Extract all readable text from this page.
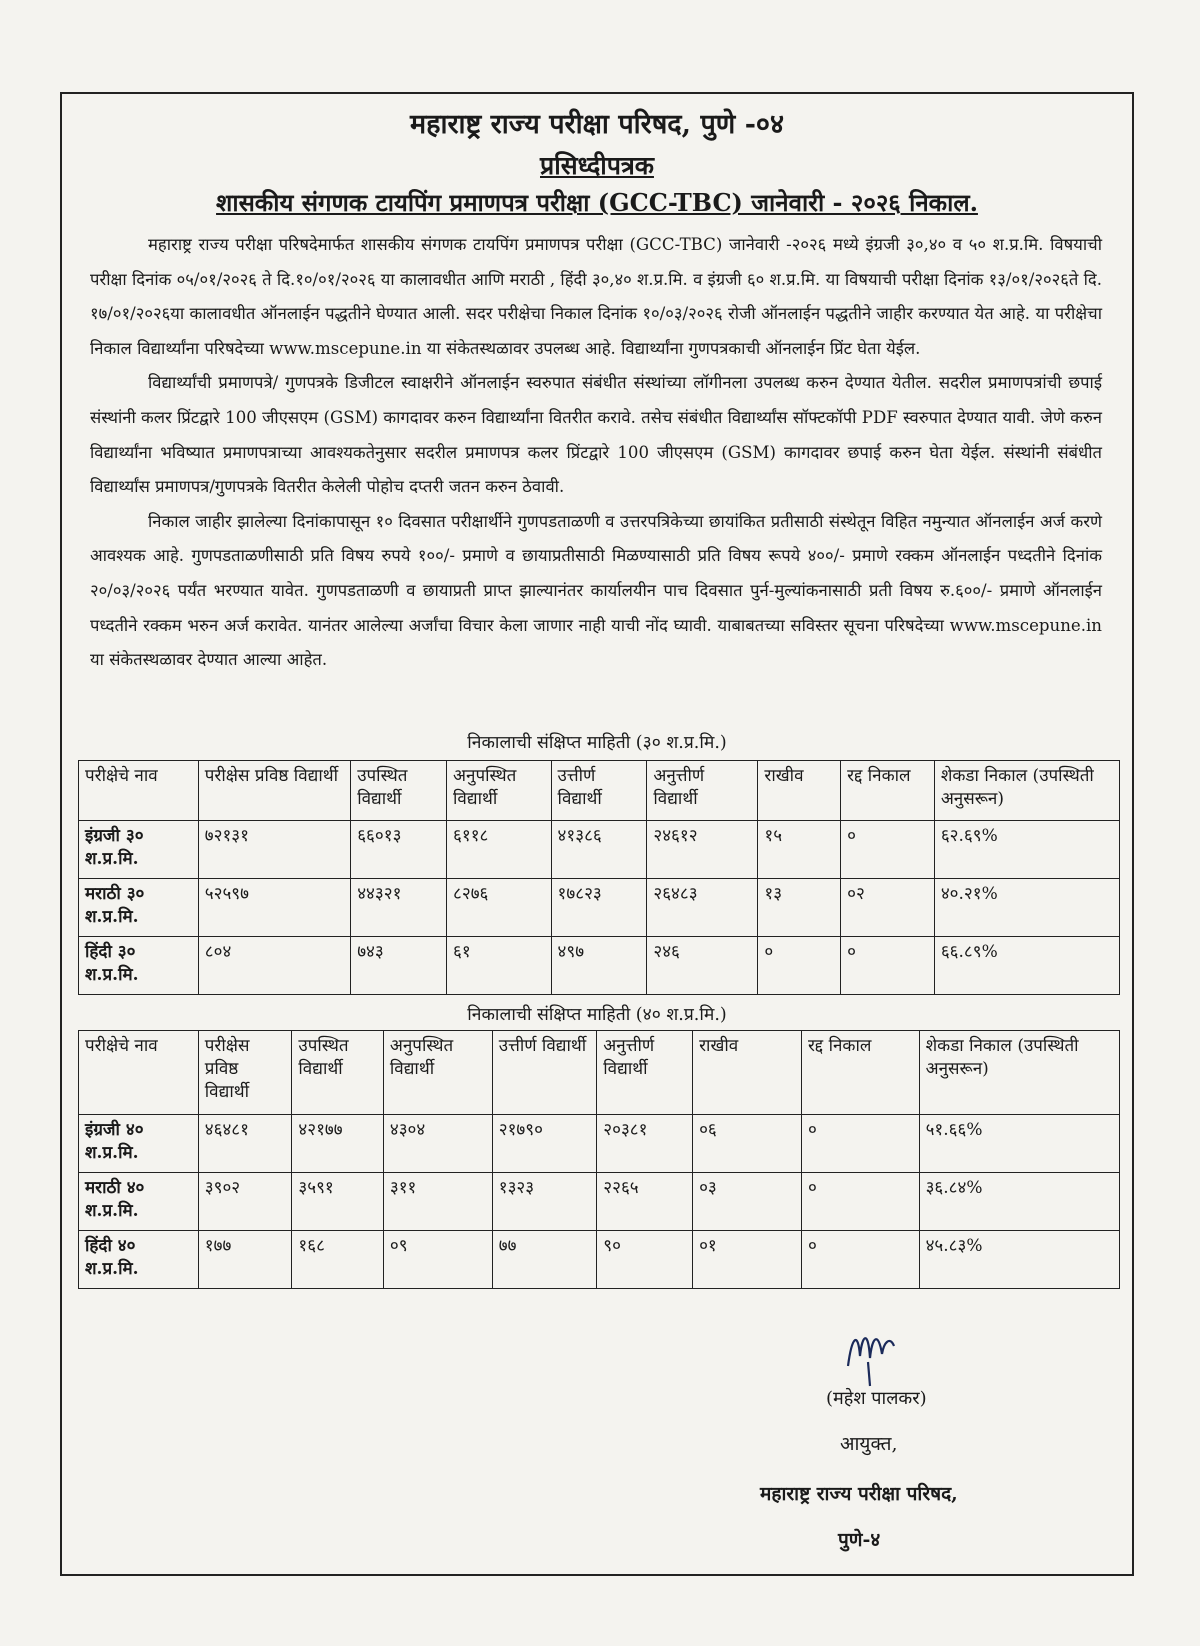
महाराष्ट्र राज्य परीक्षा परिषद, पुणे -०४
प्रसिध्दीपत्रक
शासकीय संगणक टायपिंग प्रमाणपत्र परीक्षा (GCC-TBC) जानेवारी - २०२६ निकाल.

महाराष्ट्र राज्य परीक्षा परिषदेमार्फत शासकीय संगणक टायपिंग प्रमाणपत्र परीक्षा (GCC-TBC) जानेवारी -२०२६ मध्ये इंग्रजी ३०,४० व ५० श.प्र.मि. विषयाची परीक्षा दिनांक ०५/०१/२०२६ ते दि.१०/०१/२०२६ या कालावधीत आणि मराठी , हिंदी ३०,४० श.प्र.मि. व इंग्रजी ६० श.प्र.मि. या विषयाची परीक्षा दिनांक १३/०१/२०२६ते दि. १७/०१/२०२६या कालावधीत ऑनलाईन पद्धतीने घेण्यात आली. सदर परीक्षेचा निकाल दिनांक १०/०३/२०२६ रोजी ऑनलाईन पद्धतीने जाहीर करण्यात येत आहे. या परीक्षेचा निकाल विद्यार्थ्यांना परिषदेच्या www.mscepune.in या संकेतस्थळावर उपलब्ध आहे. विद्यार्थ्यांना गुणपत्रकाची ऑनलाईन प्रिंट घेता येईल.

विद्यार्थ्यांची प्रमाणपत्रे/ गुणपत्रके डिजीटल स्वाक्षरीने ऑनलाईन स्वरुपात संबंधीत संस्थांच्या लॉगीनला उपलब्ध करुन देण्यात येतील. सदरील प्रमाणपत्रांची छपाई संस्थांनी कलर प्रिंटद्वारे 100 जीएसएम (GSM) कागदावर करुन विद्यार्थ्यांना वितरीत करावे. तसेच संबंधीत विद्यार्थ्यांस सॉफ्टकॉपी PDF स्वरुपात देण्यात यावी. जेणे करुन विद्यार्थ्यांना भविष्यात प्रमाणपत्राच्या आवश्यकतेनुसार सदरील प्रमाणपत्र कलर प्रिंटद्वारे 100 जीएसएम (GSM) कागदावर छपाई करुन घेता येईल. संस्थांनी संबंधीत विद्यार्थ्यांस प्रमाणपत्र/गुणपत्रके वितरीत केलेली पोहोच दप्तरी जतन करुन ठेवावी.

निकाल जाहीर झालेल्या दिनांकापासून १० दिवसात परीक्षार्थीने गुणपडताळणी व उत्तरपत्रिकेच्या छायांकित प्रतीसाठी संस्थेतून विहित नमुन्यात ऑनलाईन अर्ज करणे आवश्यक आहे. गुणपडताळणीसाठी प्रति विषय रुपये १००/- प्रमाणे व छायाप्रतीसाठी मिळण्यासाठी प्रति विषय रूपये ४००/- प्रमाणे रक्कम ऑनलाईन पध्दतीने दिनांक २०/०३/२०२६ पर्यंत भरण्यात यावेत. गुणपडताळणी व छायाप्रती प्राप्त झाल्यानंतर कार्यालयीन पाच दिवसात पुर्न-मुल्यांकनासाठी प्रती विषय रु.६००/- प्रमाणे ऑनलाईन पध्दतीने रक्कम भरुन अर्ज करावेत. यानंतर आलेल्या अर्जांचा विचार केला जाणार नाही याची नोंद घ्यावी. याबाबतच्या सविस्तर सूचना परिषदेच्या www.mscepune.in या संकेतस्थळावर देण्यात आल्या आहेत.

निकालाची संक्षिप्त माहिती (३० श.प्र.मि.)
परीक्षेचे नाव	परीक्षेस प्रविष्ठ विद्यार्थी	उपस्थित विद्यार्थी	अनुपस्थित विद्यार्थी	उत्तीर्ण विद्यार्थी	अनुत्तीर्ण विद्यार्थी	राखीव	रद्द निकाल	शेकडा निकाल (उपस्थिती अनुसरून)
इंग्रजी ३० श.प्र.मि.	७२१३१	६६०१३	६११८	४१३८६	२४६१२	१५	०	६२.६९%
मराठी ३० श.प्र.मि.	५२५९७	४४३२१	८२७६	१७८२३	२६४८३	१३	०२	४०.२१%
हिंदी ३० श.प्र.मि.	८०४	७४३	६१	४९७	२४६	०	०	६६.८९%
निकालाची संक्षिप्त माहिती (४० श.प्र.मि.)
परीक्षेचे नाव	परीक्षेस प्रविष्ठ विद्यार्थी	उपस्थित विद्यार्थी	अनुपस्थित विद्यार्थी	उत्तीर्ण विद्यार्थी	अनुत्तीर्ण विद्यार्थी	राखीव	रद्द निकाल	शेकडा निकाल (उपस्थिती अनुसरून)
इंग्रजी ४० श.प्र.मि.	४६४८१	४२१७७	४३०४	२१७९०	२०३८१	०६	०	५१.६६%
मराठी ४० श.प्र.मि.	३९०२	३५९१	३११	१३२३	२२६५	०३	०	३६.८४%
हिंदी ४० श.प्र.मि.	१७७	१६८	०९	७७	९०	०१	०	४५.८३%
(महेश पालकर)
आयुक्त,
महाराष्ट्र राज्य परीक्षा परिषद,
पुणे-४
